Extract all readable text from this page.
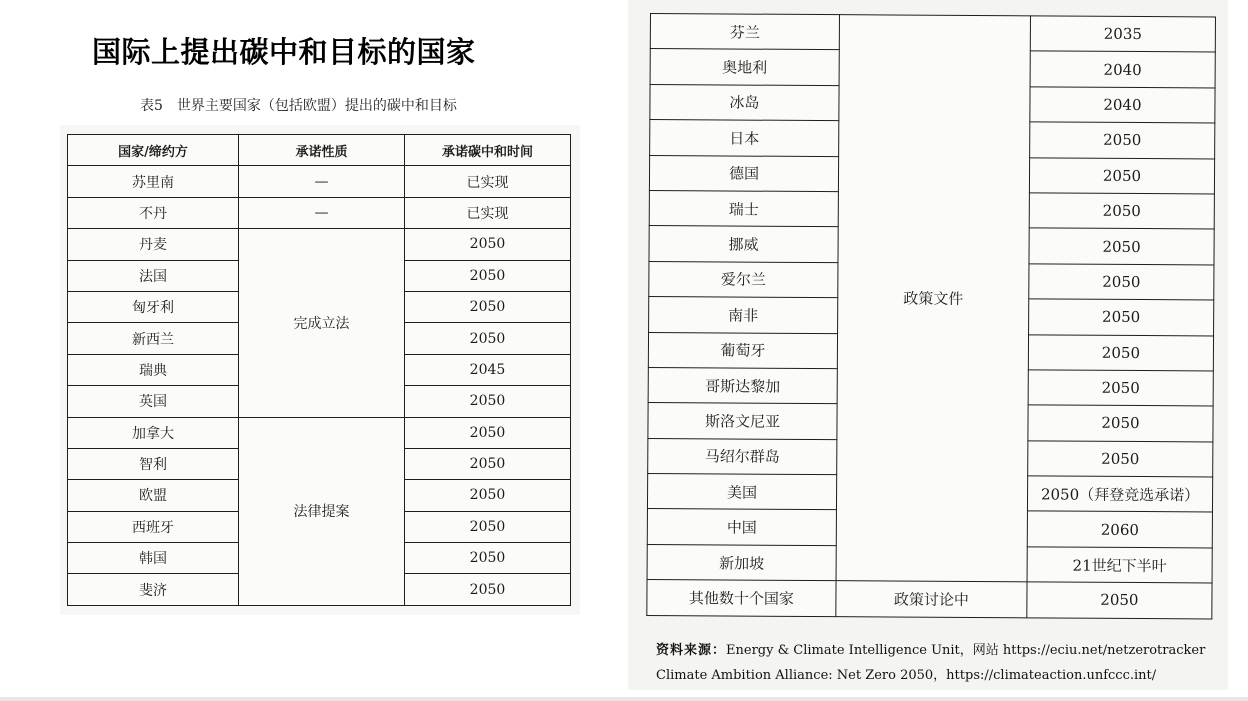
国际上提出碳中和目标的国家
表5　世界主要国家（包括欧盟）提出的碳中和目标
国家/缔约方	承诺性质	承诺碳中和时间
苏里南	—	已实现
不丹	—	已实现
丹麦	完成立法	2050
法国		2050
匈牙利		2050
新西兰		2050
瑞典		2045
英国		2050
加拿大	法律提案	2050
智利		2050
欧盟		2050
西班牙		2050
韩国		2050
斐济		2050
芬兰	政策文件	2035
奥地利		2040
冰岛		2040
日本		2050
德国		2050
瑞士		2050
挪威		2050
爱尔兰		2050
南非		2050
葡萄牙		2050
哥斯达黎加		2050
斯洛文尼亚		2050
马绍尔群岛		2050
美国		2050（拜登竞选承诺）
中国		2060
新加坡		21世纪下半叶
其他数十个国家	政策讨论中	2050
资料来源：Energy & Climate Intelligence Unit，网站 https://eciu.net/netzerotracker
Climate Ambition Alliance: Net Zero 2050，https://climateaction.unfccc.int/
